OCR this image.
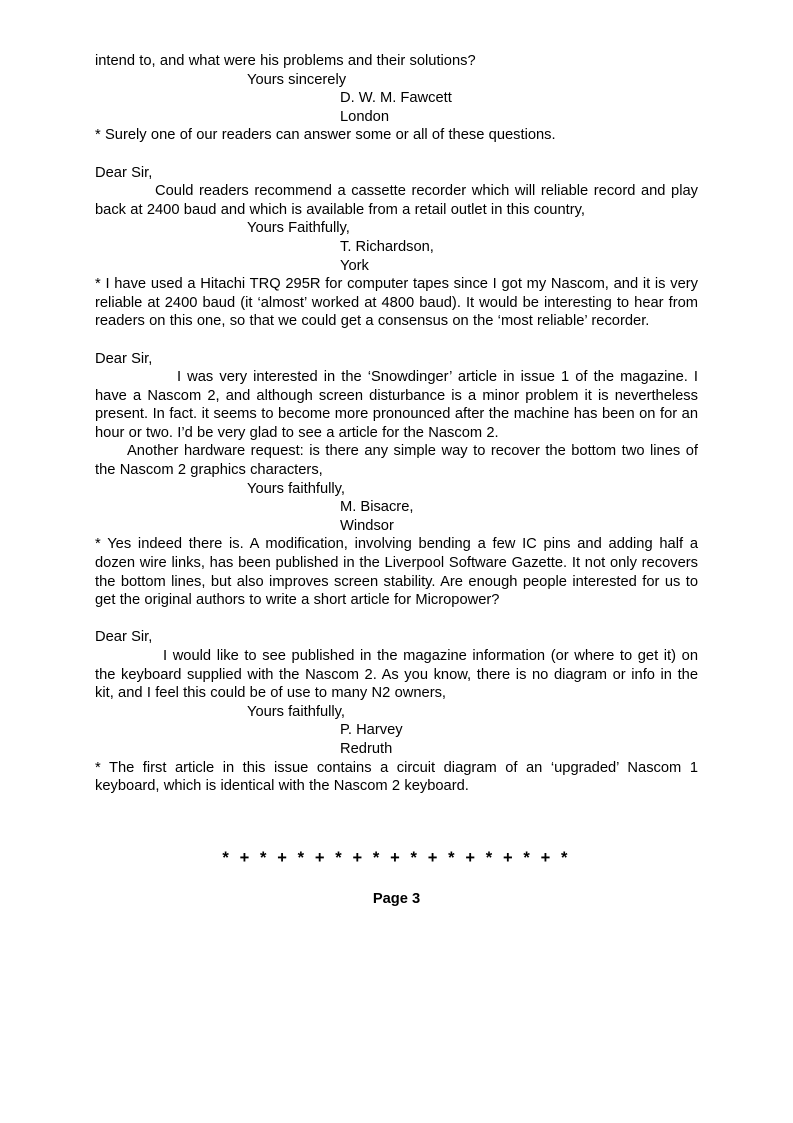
intend to, and what were his problems and their solutions?

Yours sincerely

D. W. M. Fawcett

London

* Surely one of our readers can answer some or all of these questions.

Dear Sir,

Could readers recommend a cassette recorder which will reliable record and play back at 2400 baud and which is available from a retail outlet in this country,

Yours Faithfully,

T. Richardson,

York

* I have used a Hitachi TRQ 295R for computer tapes since I got my Nascom, and it is very reliable at 2400 baud (it ‘almost’ worked at 4800 baud). It would be interesting to hear from readers on this one, so that we could get a consensus on the ‘most reliable’ recorder.

Dear Sir,

I was very interested in the ‘Snowdinger’ article in issue 1 of the magazine. I have a Nascom 2, and although screen disturbance is a minor problem it is nevertheless present. In fact. it seems to become more pronounced after the machine has been on for an hour or two. I’d be very glad to see a article for the Nascom 2.

Another hardware request: is there any simple way to recover the bottom two lines of the Nascom 2 graphics characters,

Yours faithfully,

M. Bisacre,

Windsor

* Yes indeed there is. A modification, involving bending a few IC pins and adding half a dozen wire links, has been published in the Liverpool Software Gazette. It not only recovers the bottom lines, but also improves screen stability. Are enough people interested for us to get the original authors to write a short article for Micropower?

Dear Sir,

I would like to see published in the magazine information (or where to get it) on the keyboard supplied with the Nascom 2. As you know, there is no diagram or info in the kit, and I feel this could be of use to many N2 owners,

Yours faithfully,

P. Harvey

Redruth

* The first article in this issue contains a circuit diagram of an ‘upgraded’ Nascom 1 keyboard, which is identical with the Nascom 2 keyboard.

* + * + * + * + * + * + * + * + * + *
Page 3
